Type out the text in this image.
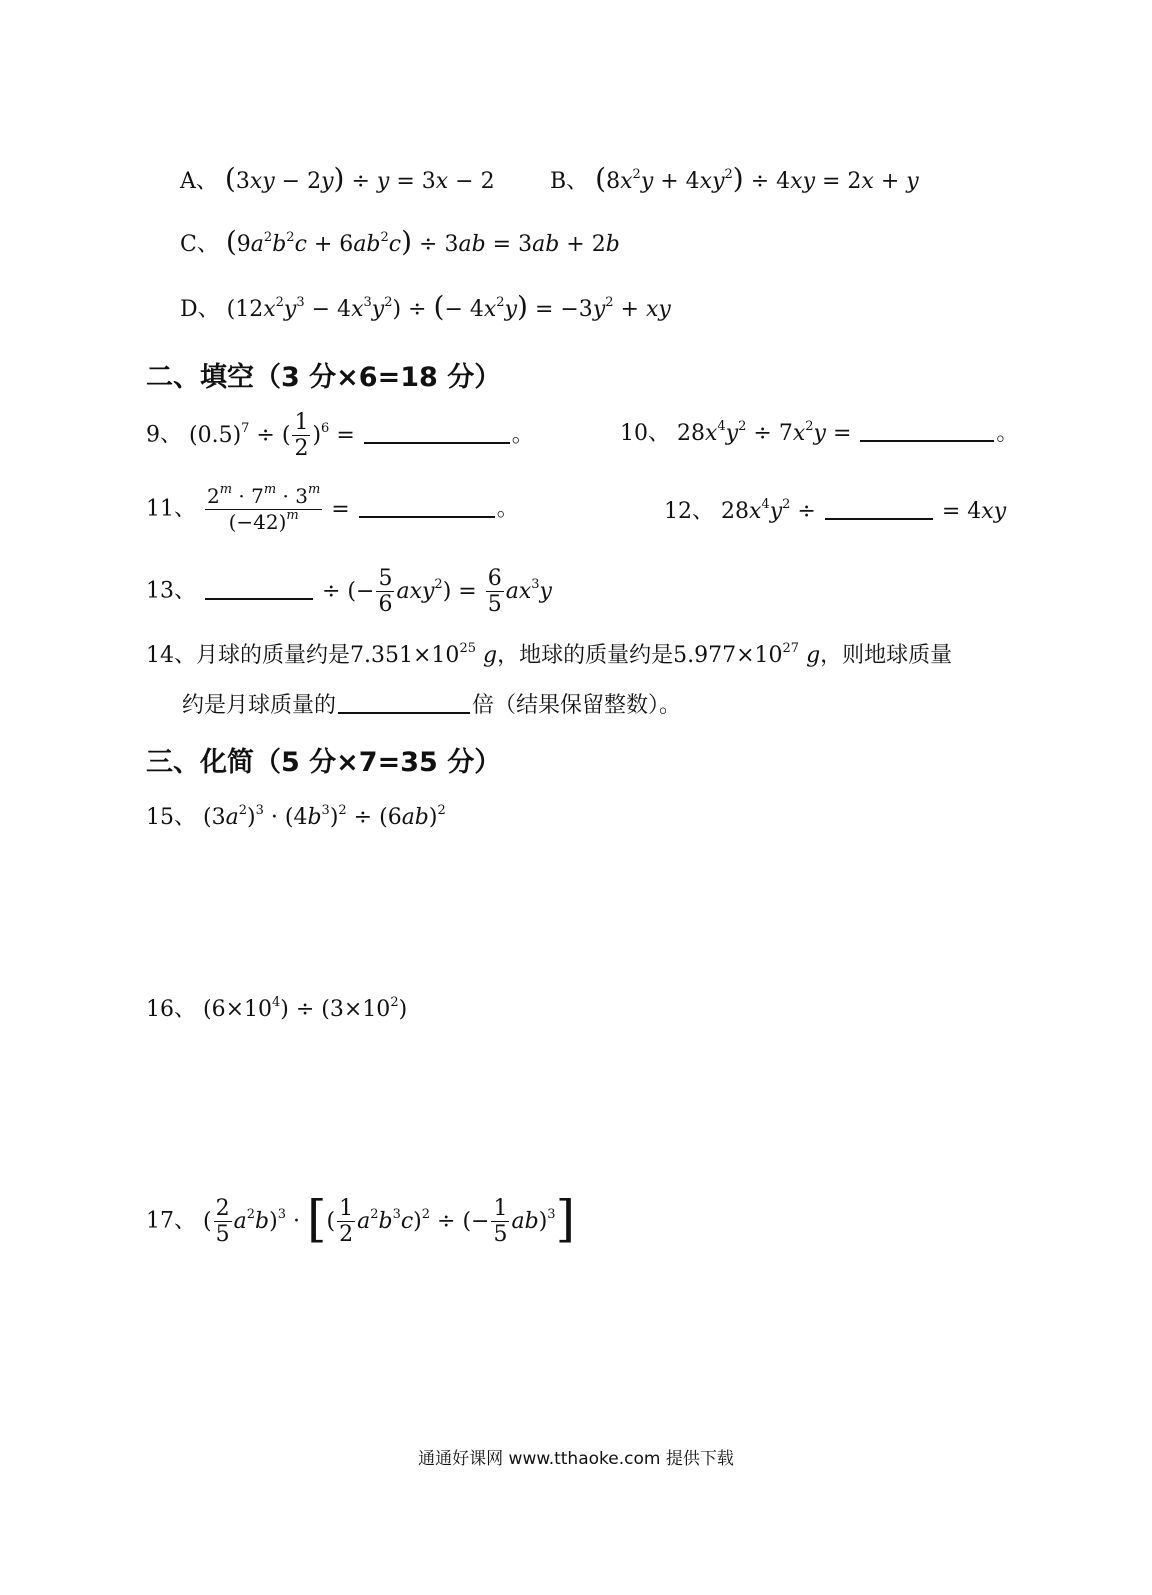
A、 (3xy − 2y) ÷ y = 3x − 2	B、 $(8x^2y + 4xy^2) \div 4xy = 2x + y$
C、 $(9a^2b^2c + 6ab^2c) \div 3ab = 3ab + 2b$
D、 $(12x^2y^3 - 4x^3y^2)$ ÷ (− $4x^2y) = -3y^2$ + xy
二、填空（3 分×6=18 分）
9、 $(0.5)^7$ ÷ ( $\frac{1}{2} )^6$ =	。	10、 $28x^4y^2 \div 7x^2y$ =	。
11、 $\frac{2^m \cdot 7^m \cdot 3^m}{(-42)^m}$ =	。	12、 $28x^4y^2$ ÷	= 4xy
13、	÷ (− $\frac{5}{6} axy^2) = \frac{6}{5} ax^3y$
14、月球的质量约是$7.351\times 10^{25}$ g，地球的质量约是$5.977\times 10^{27}$ g，则地球质量
约是月球质量的	倍（结果保留整数）。
三、化简（5 分×7=35 分）
15、 $(3a^2)^3 \cdot (4b^3)^2 \div (6ab)^2$
16、 $(6\times 10^4) \div (3\times 10^2)$
17、 ( $\frac{2}{5} a^2b)^3$ · [( $\frac{1}{2} a^2b^3c)^2$ ÷ (− $\frac{1}{5} ab)^3$]
通通好课网 www.tthaoke.com 提供下载
